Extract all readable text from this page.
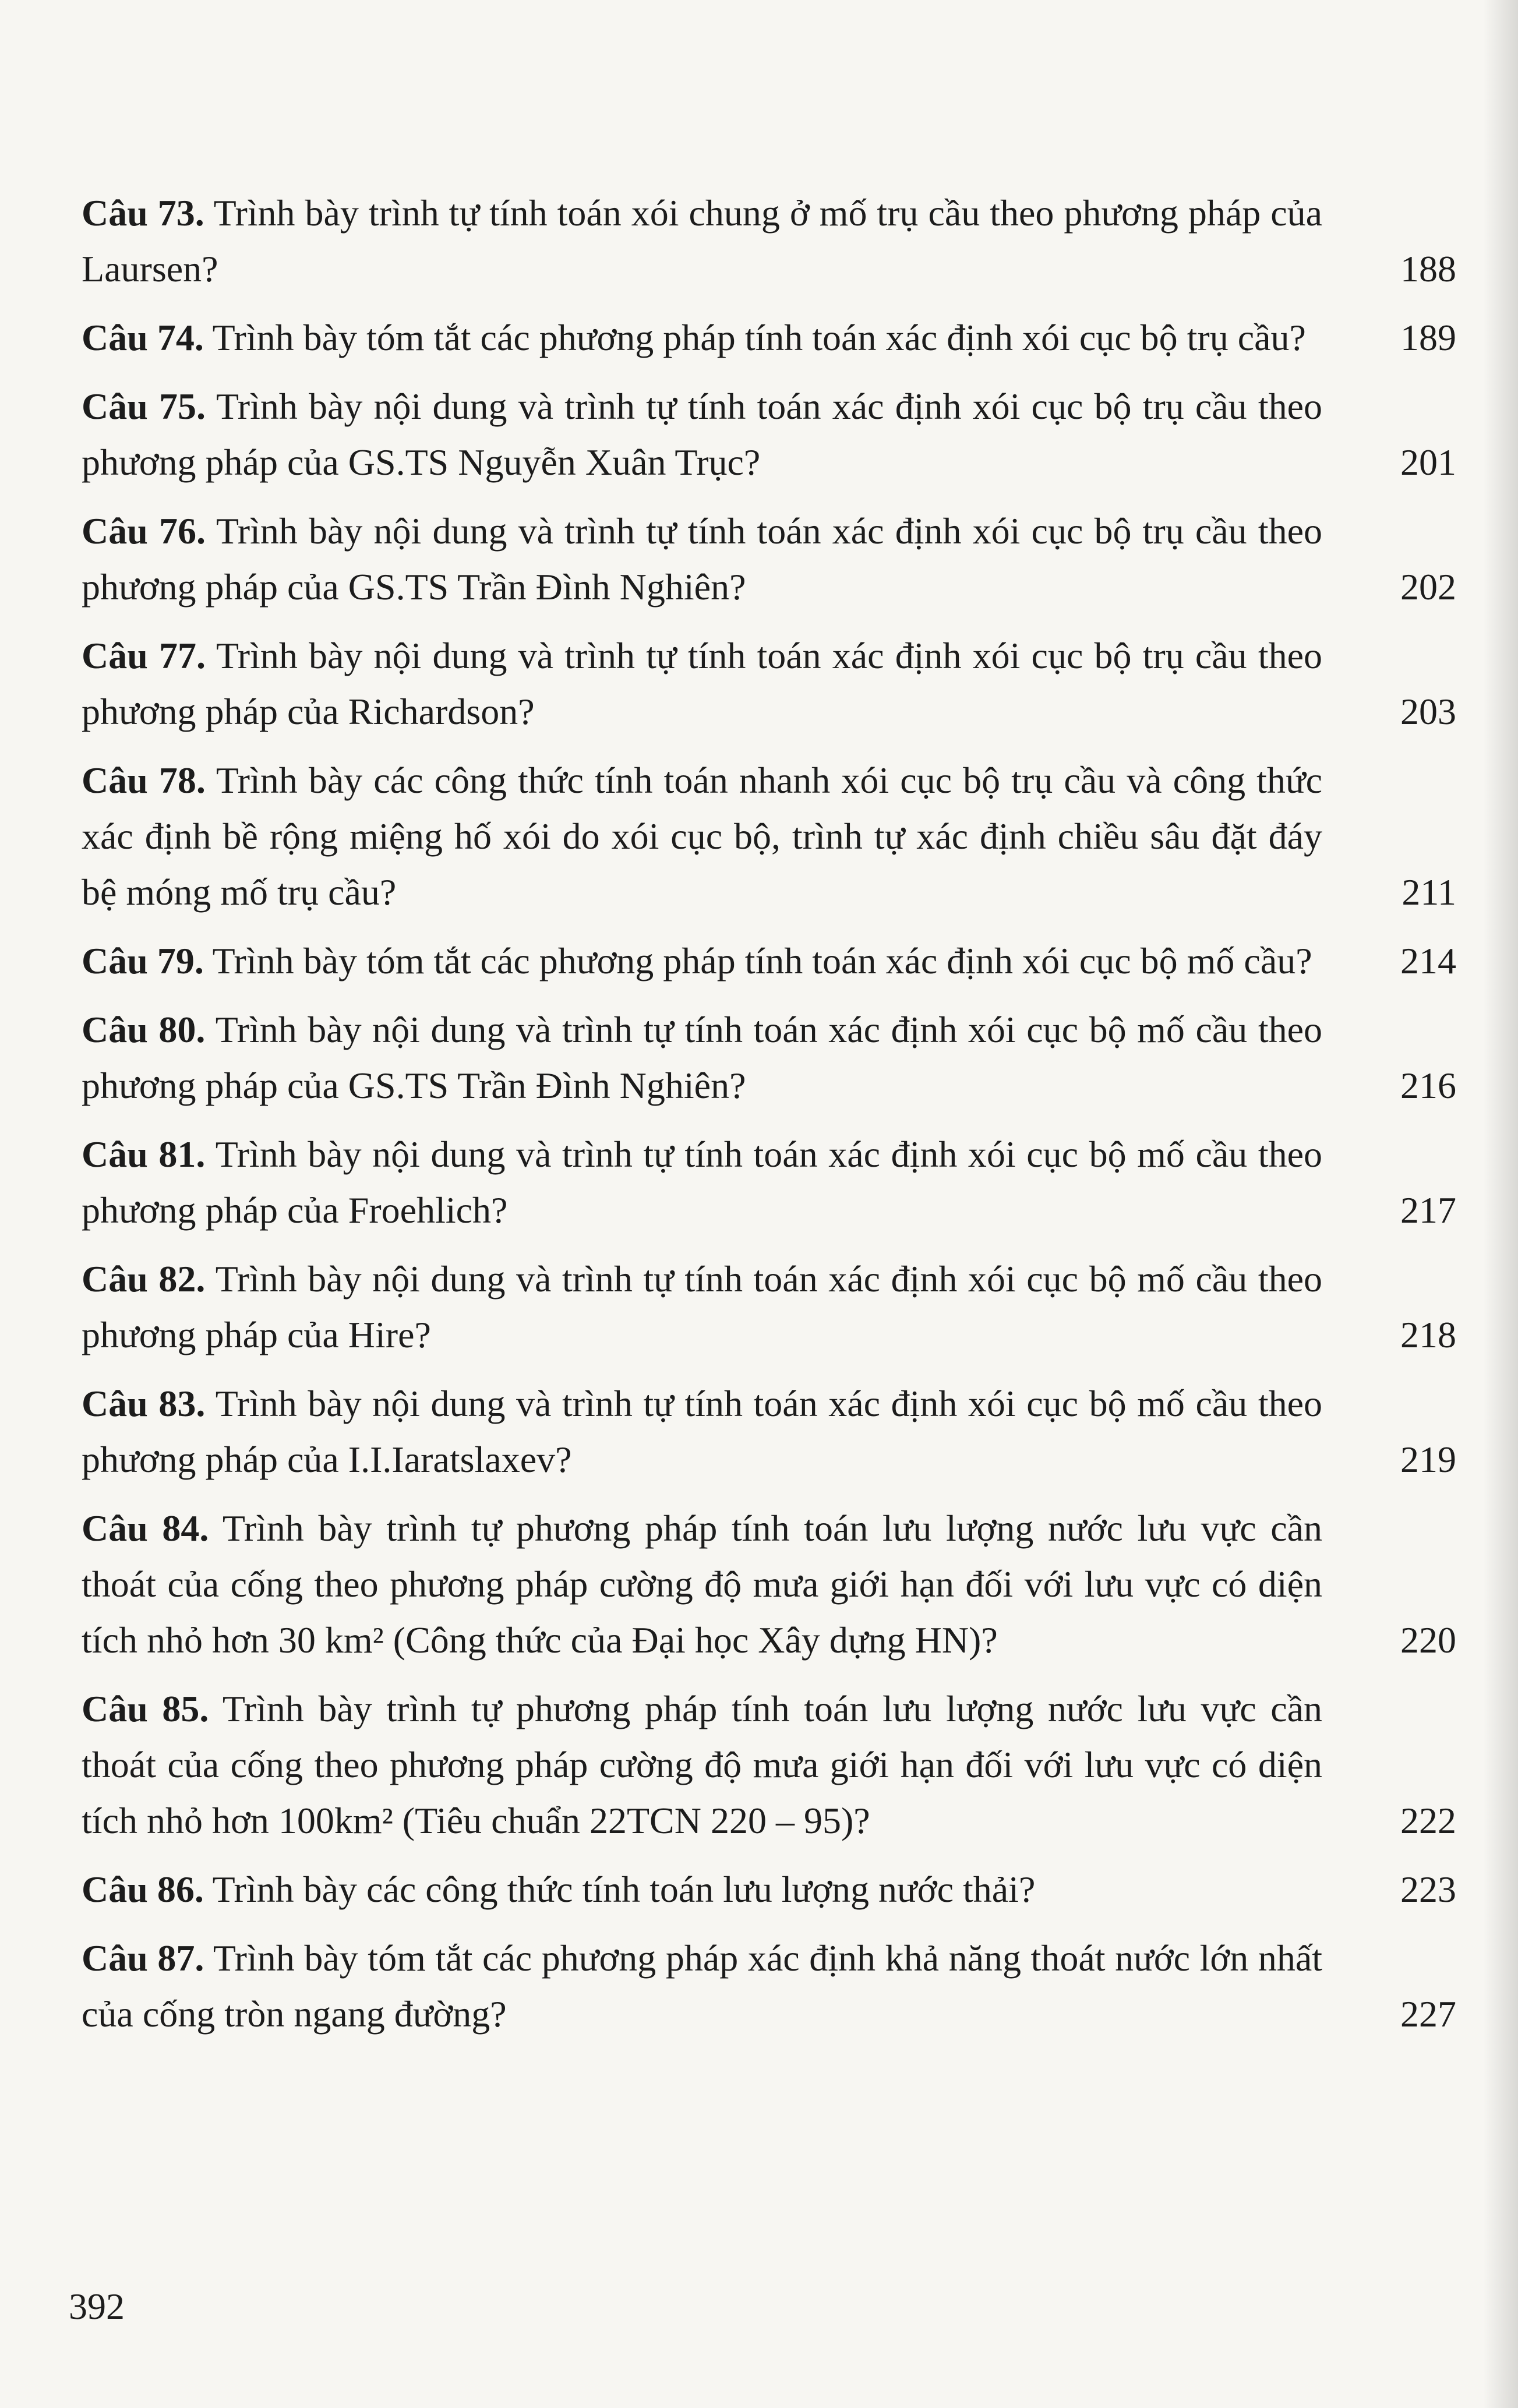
Câu 73. Trình bày trình tự tính toán xói chung ở mố trụ cầu theo phương pháp của Laursen?	188
Câu 74. Trình bày tóm tắt các phương pháp tính toán xác định xói cục bộ trụ cầu?	189
Câu 75. Trình bày nội dung và trình tự tính toán xác định xói cục bộ trụ cầu theo phương pháp của GS.TS Nguyễn Xuân Trục?	201
Câu 76. Trình bày nội dung và trình tự tính toán xác định xói cục bộ trụ cầu theo phương pháp của GS.TS Trần Đình Nghiên?	202
Câu 77. Trình bày nội dung và trình tự tính toán xác định xói cục bộ trụ cầu theo phương pháp của Richardson?	203
Câu 78. Trình bày các công thức tính toán nhanh xói cục bộ trụ cầu và công thức xác định bề rộng miệng hố xói do xói cục bộ, trình tự xác định chiều sâu đặt đáy bệ móng mố trụ cầu?	211
Câu 79. Trình bày tóm tắt các phương pháp tính toán xác định xói cục bộ mố cầu? 214
Câu 80. Trình bày nội dung và trình tự tính toán xác định xói cục bộ mố cầu theo phương pháp của GS.TS Trần Đình Nghiên?	216
Câu 81. Trình bày nội dung và trình tự tính toán xác định xói cục bộ mố cầu theo phương pháp của Froehlich?	217
Câu 82. Trình bày nội dung và trình tự tính toán xác định xói cục bộ mố cầu theo phương pháp của Hire?	218
Câu 83. Trình bày nội dung và trình tự tính toán xác định xói cục bộ mố cầu theo phương pháp của I.I.Iaratslaxev?	219
Câu 84. Trình bày trình tự phương pháp tính toán lưu lượng nước lưu vực cần thoát của cống theo phương pháp cường độ mưa giới hạn đối với lưu vực có diện tích nhỏ hơn 30 km² (Công thức của Đại học Xây dựng HN)?	220
Câu 85. Trình bày trình tự phương pháp tính toán lưu lượng nước lưu vực cần thoát của cống theo phương pháp cường độ mưa giới hạn đối với lưu vực có diện tích nhỏ hơn 100km² (Tiêu chuẩn 22TCN 220 – 95)?	222
Câu 86. Trình bày các công thức tính toán lưu lượng nước thải?	223
Câu 87. Trình bày tóm tắt các phương pháp xác định khả năng thoát nước lớn nhất của cống tròn ngang đường?	227
392
